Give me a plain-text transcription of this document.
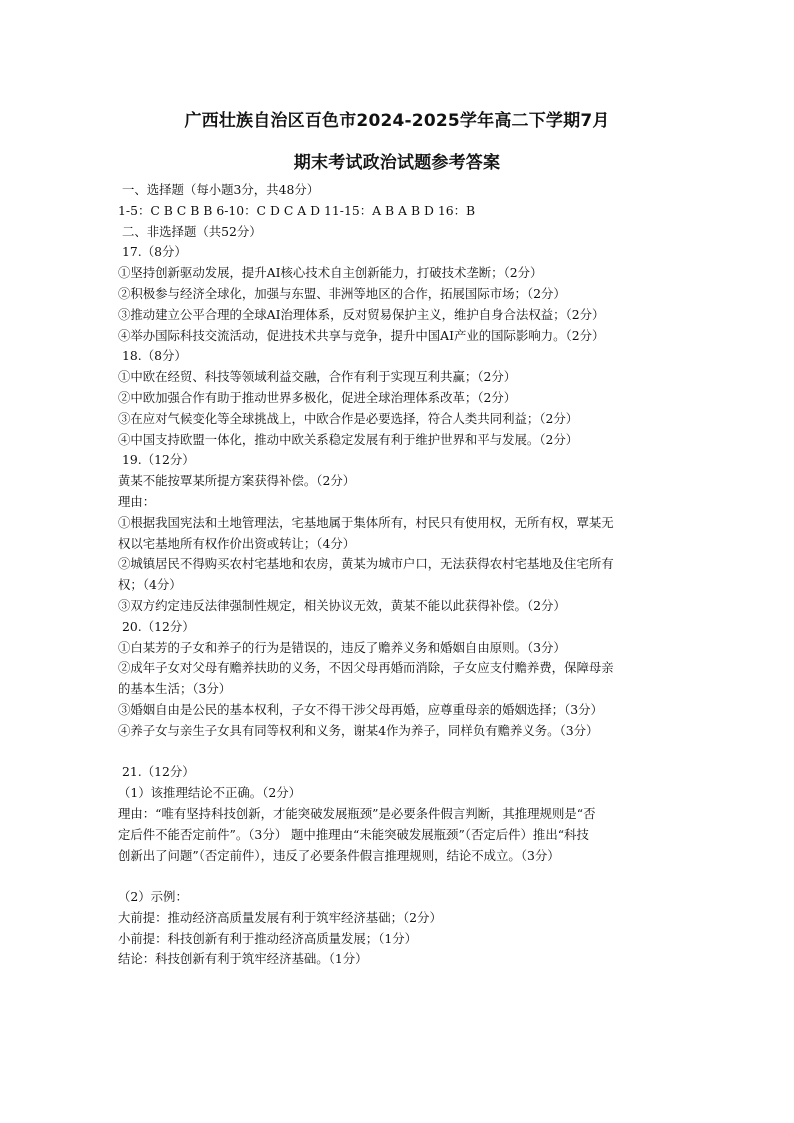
广西壮族自治区百色市2024-2025学年高二下学期7月
期末考试政治试题参考答案
一、选择题（每小题3分，共48分）
1-5：C B C B B 6-10：C D C A D 11-15：A B A B D 16：B
二、非选择题（共52分）
17.（8分）
①坚持创新驱动发展，提升AI核心技术自主创新能力，打破技术垄断；（2分）
②积极参与经济全球化，加强与东盟、非洲等地区的合作，拓展国际市场；（2分）
③推动建立公平合理的全球AI治理体系，反对贸易保护主义，维护自身合法权益；（2分）
④举办国际科技交流活动，促进技术共享与竞争，提升中国AI产业的国际影响力。（2分）
18.（8分）
①中欧在经贸、科技等领域利益交融，合作有利于实现互利共赢；（2分）
②中欧加强合作有助于推动世界多极化，促进全球治理体系改革；（2分）
③在应对气候变化等全球挑战上，中欧合作是必要选择，符合人类共同利益；（2分）
④中国支持欧盟一体化，推动中欧关系稳定发展有利于维护世界和平与发展。（2分）
19.（12分）
黄某不能按覃某所提方案获得补偿。（2分）
理由：
①根据我国宪法和土地管理法，宅基地属于集体所有，村民只有使用权，无所有权，覃某无
权以宅基地所有权作价出资或转让；（4分）
②城镇居民不得购买农村宅基地和农房，黄某为城市户口，无法获得农村宅基地及住宅所有
权；（4分）
③双方约定违反法律强制性规定，相关协议无效，黄某不能以此获得补偿。（2分）
20.（12分）
①白某芳的子女和养子的行为是错误的，违反了赡养义务和婚姻自由原则。（3分）
②成年子女对父母有赡养扶助的义务，不因父母再婚而消除，子女应支付赡养费，保障母亲
的基本生活；（3分）
③婚姻自由是公民的基本权利，子女不得干涉父母再婚，应尊重母亲的婚姻选择；（3分）
④养子女与亲生子女具有同等权利和义务，谢某4作为养子，同样负有赡养义务。（3分）
21.（12分）
（1）该推理结论不正确。（2分）
理由：“唯有坚持科技创新，才能突破发展瓶颈”是必要条件假言判断，其推理规则是“否
定后件不能否定前件”。（3分） 题中推理由“未能突破发展瓶颈”（否定后件）推出“科技
创新出了问题”（否定前件），违反了必要条件假言推理规则，结论不成立。（3分）
（2）示例：
大前提：推动经济高质量发展有利于筑牢经济基础；（2分）
小前提：科技创新有利于推动经济高质量发展；（1分）
结论：科技创新有利于筑牢经济基础。（1分）
